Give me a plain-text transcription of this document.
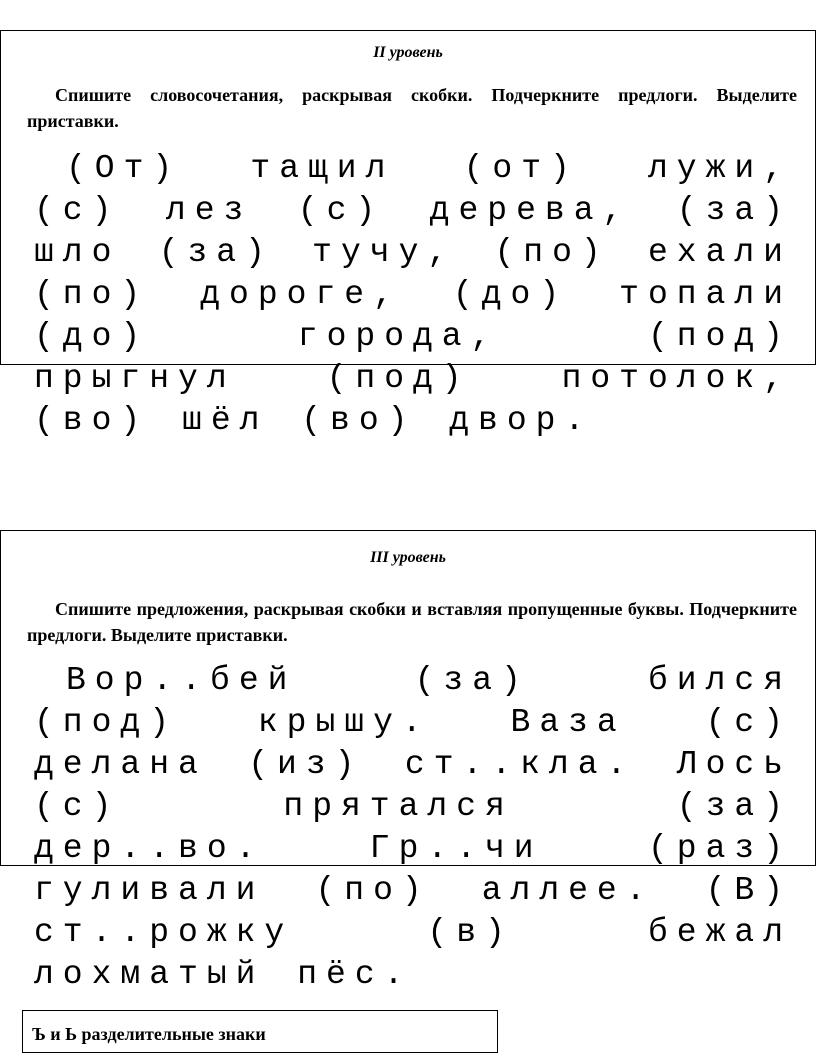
II уровень

Спишите словосочетания, раскрывая скобки. Подчеркните предлоги. Выделите приставки.

(От) тащил (от) лужи, (с) лез (с) дерева, (за) шло (за) тучу, (по) ехали (по) дороге, (до) топали (до) города, (под) прыгнул (под) потолок, (во) шёл (во) двор.

III уровень

Спишите предложения, раскрывая скобки и вставляя пропущенные буквы. Подчеркните предлоги. Выделите приставки.

Вор..бей (за) бился (под) крышу. Ваза (с) делана (из) ст..кла. Лось (с) прятался (за) дер..во. Гр..чи (раз) гуливали (по) аллее. (В) ст..рожку (в) бежал лохматый пёс.

Ъ и Ь разделительные знаки
